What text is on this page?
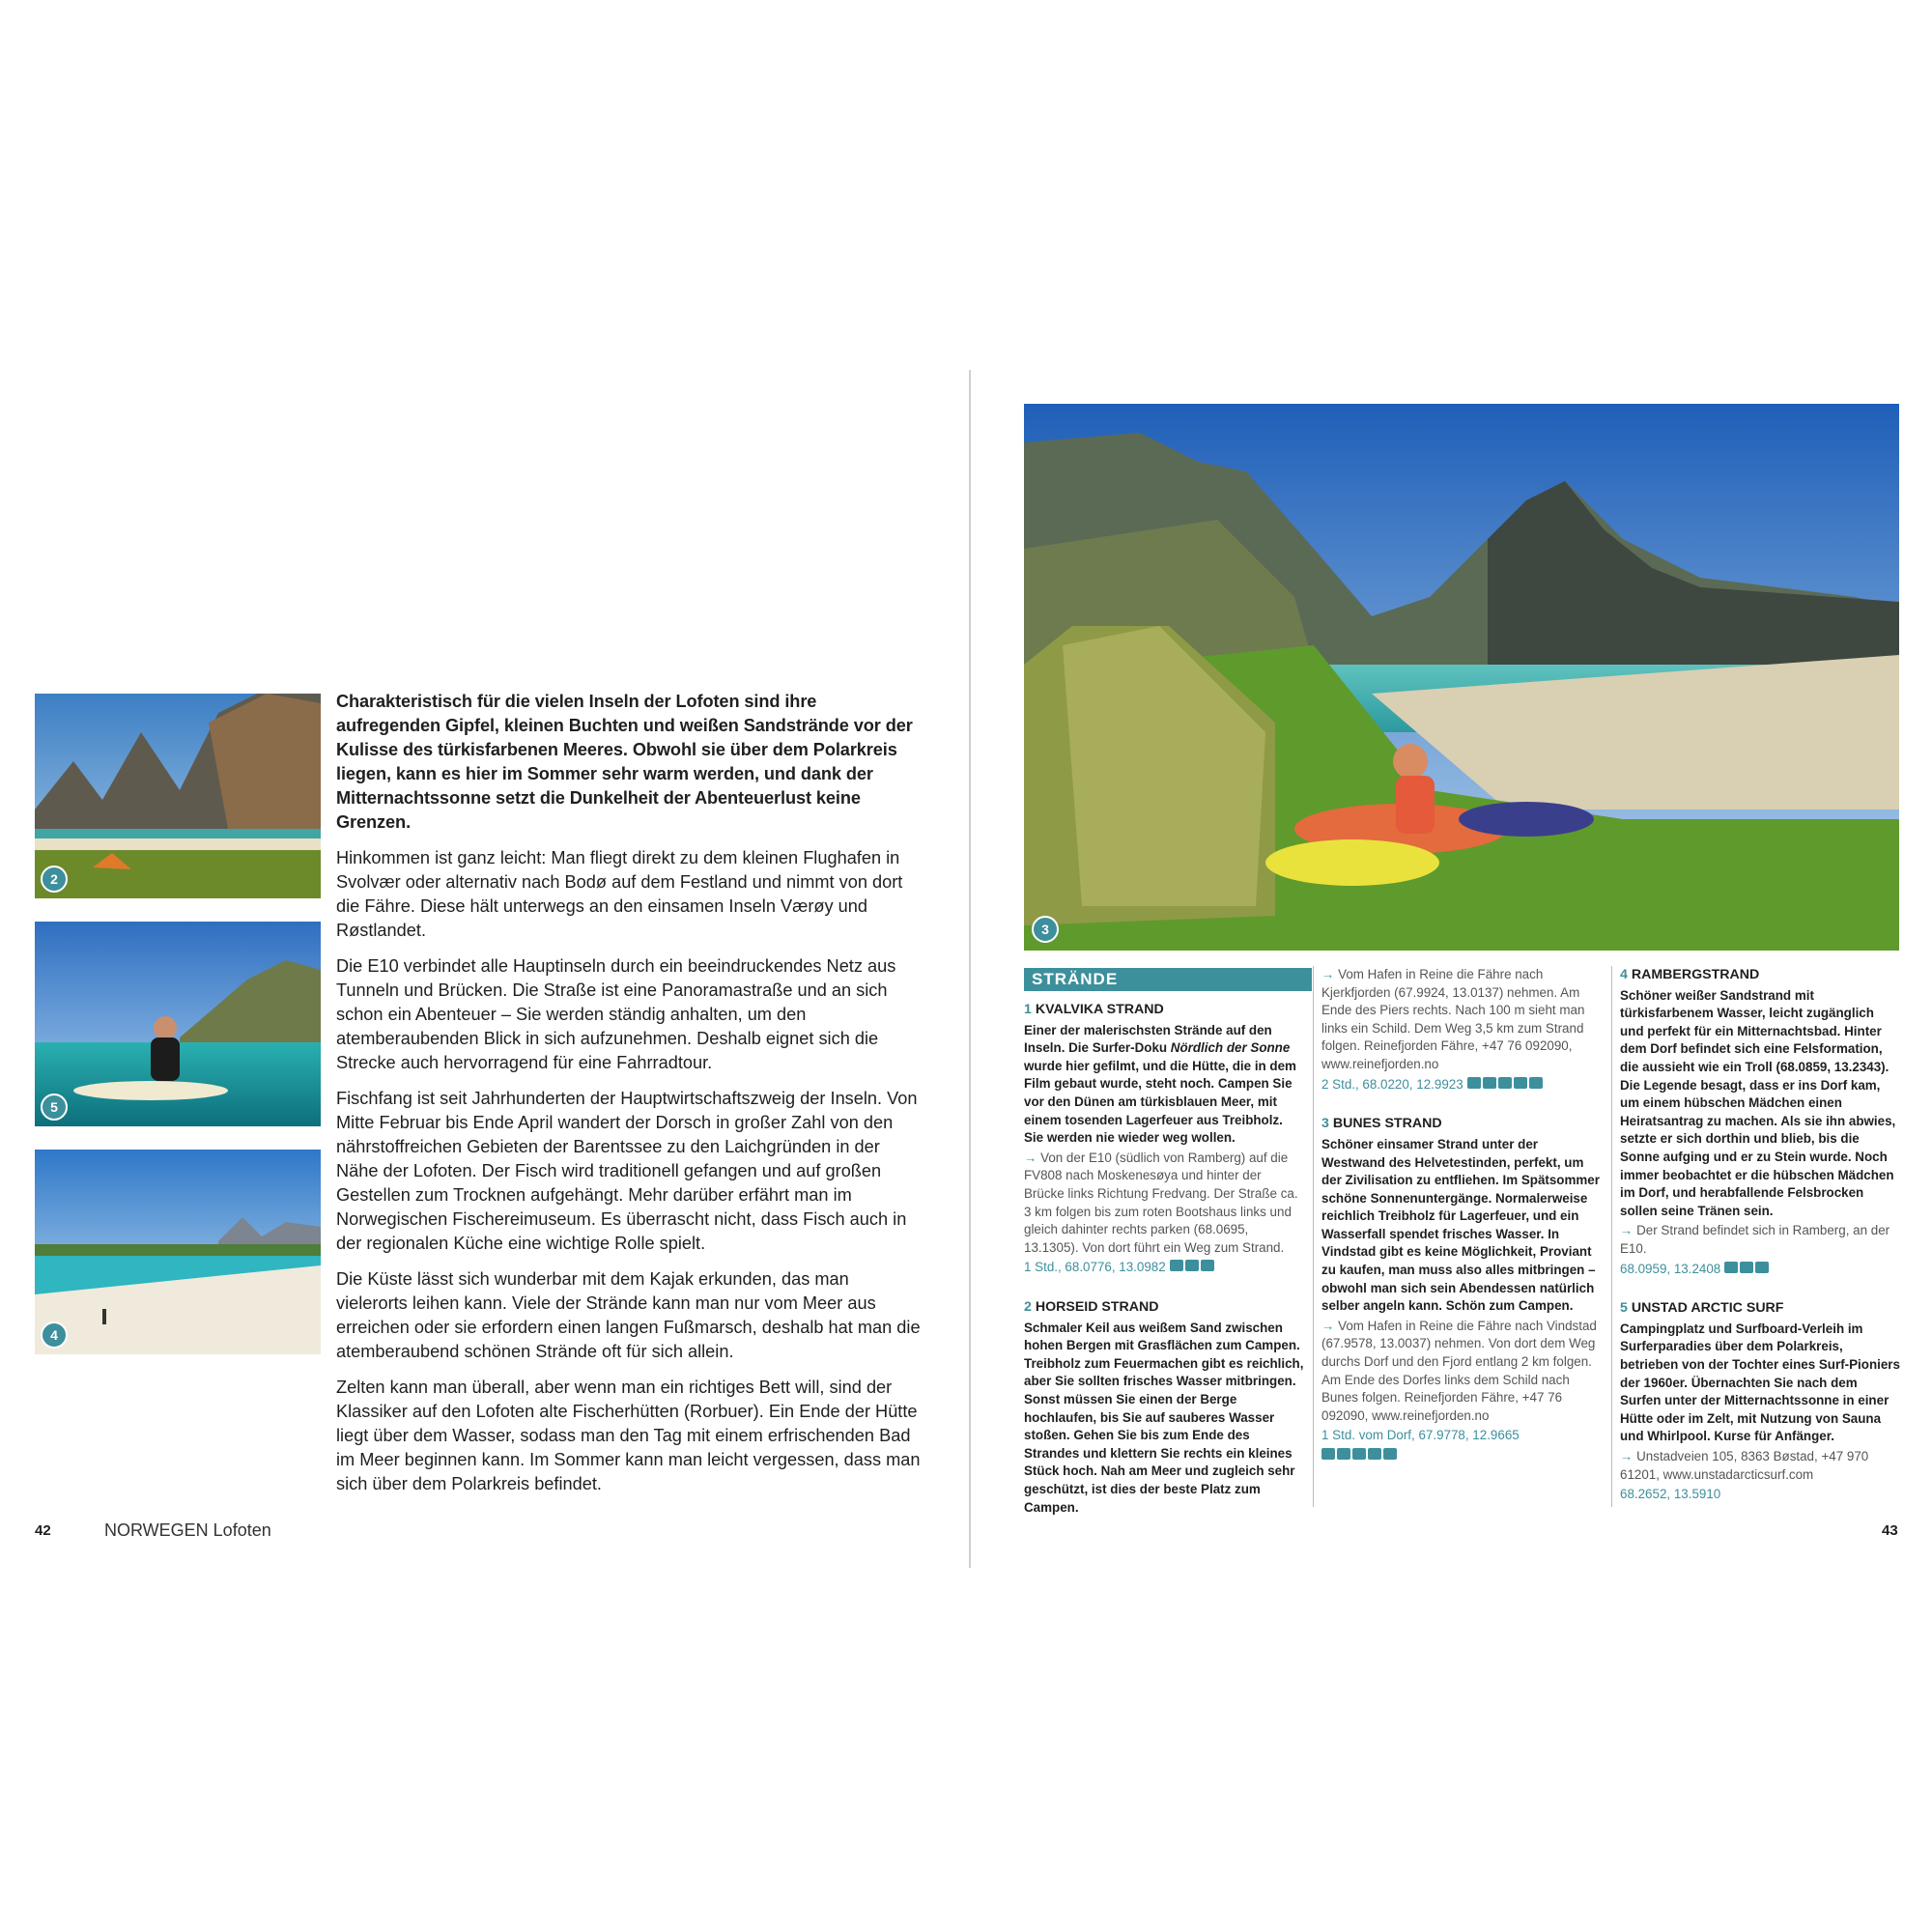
2
5
4

Charakteristisch für die vielen Inseln der Lofoten sind ihre aufregenden Gipfel, kleinen Buchten und weißen Sandstrände vor der Kulisse des türkisfarbenen Meeres. Obwohl sie über dem Polarkreis liegen, kann es hier im Sommer sehr warm werden, und dank der Mitternachtssonne setzt die Dunkelheit der Abenteuerlust keine Grenzen.

Hinkommen ist ganz leicht: Man fliegt direkt zu dem kleinen Flughafen in Svolvær oder alternativ nach Bodø auf dem Festland und nimmt von dort die Fähre. Diese hält unterwegs an den einsamen Inseln Værøy und Røstlandet.

Die E10 verbindet alle Hauptinseln durch ein beeindruckendes Netz aus Tunneln und Brücken. Die Straße ist eine Panoramastraße und an sich schon ein Abenteuer – Sie werden ständig anhalten, um den atemberaubenden Blick in sich aufzunehmen. Deshalb eignet sich die Strecke auch hervorragend für eine Fahrradtour.

Fischfang ist seit Jahrhunderten der Hauptwirtschaftszweig der Inseln. Von Mitte Februar bis Ende April wandert der Dorsch in großer Zahl von den nährstoffreichen Gebieten der Barentssee zu den Laichgründen in der Nähe der Lofoten. Der Fisch wird traditionell gefangen und auf großen Gestellen zum Trocknen aufgehängt. Mehr darüber erfährt man im Norwegischen Fischereimuseum. Es überrascht nicht, dass Fisch auch in der regionalen Küche eine wichtige Rolle spielt.

Die Küste lässt sich wunderbar mit dem Kajak erkunden, das man vielerorts leihen kann. Viele der Strände kann man nur vom Meer aus erreichen oder sie erfordern einen langen Fußmarsch, deshalb hat man die atemberaubend schönen Strände oft für sich allein.

Zelten kann man überall, aber wenn man ein richtiges Bett will, sind der Klassiker auf den Lofoten alte Fischerhütten (Rorbuer). Ein Ende der Hütte liegt über dem Wasser, sodass man den Tag mit einem erfrischenden Bad im Meer beginnen kann. Im Sommer kann man leicht vergessen, dass man sich über dem Polarkreis befindet.

42	NORWEGEN Lofoten
3
STRÄNDE
1 KVALVIKA STRAND

Einer der malerischsten Strände auf den Inseln. Die Surfer-Doku Nördlich der Sonne wurde hier gefilmt, und die Hütte, die in dem Film gebaut wurde, steht noch. Campen Sie vor den Dünen am türkisblauen Meer, mit einem tosenden Lagerfeuer aus Treibholz. Sie werden nie wieder weg wollen.

→ Von der E10 (südlich von Ramberg) auf die FV808 nach Moskenesøya und hinter der Brücke links Richtung Fredvang. Der Straße ca. 3 km folgen bis zum roten Bootshaus links und gleich dahinter rechts parken (68.0695, 13.1305). Von dort führt ein Weg zum Strand.

1 Std., 68.0776, 13.0982

2 HORSEID STRAND

Schmaler Keil aus weißem Sand zwischen hohen Bergen mit Grasflächen zum Campen. Treibholz zum Feuermachen gibt es reichlich, aber Sie sollten frisches Wasser mitbringen. Sonst müssen Sie einen der Berge hochlaufen, bis Sie auf sauberes Wasser stoßen. Gehen Sie bis zum Ende des Strandes und klettern Sie rechts ein kleines Stück hoch. Nah am Meer und zugleich sehr geschützt, ist dies der beste Platz zum Campen.

→ Vom Hafen in Reine die Fähre nach Kjerkfjorden (67.9924, 13.0137) nehmen. Am Ende des Piers rechts. Nach 100 m sieht man links ein Schild. Dem Weg 3,5 km zum Strand folgen. Reinefjorden Fähre, +47 76 092090, www.reinefjorden.no

2 Std., 68.0220, 12.9923

3 BUNES STRAND

Schöner einsamer Strand unter der Westwand des Helvetestinden, perfekt, um der Zivilisation zu entfliehen. Im Spätsommer schöne Sonnenuntergänge. Normalerweise reichlich Treibholz für Lagerfeuer, und ein Wasserfall spendet frisches Wasser. In Vindstad gibt es keine Möglichkeit, Proviant zu kaufen, man muss also alles mitbringen – obwohl man sich sein Abendessen natürlich selber angeln kann. Schön zum Campen.

→ Vom Hafen in Reine die Fähre nach Vindstad (67.9578, 13.0037) nehmen. Von dort dem Weg durchs Dorf und den Fjord entlang 2 km folgen. Am Ende des Dorfes links dem Schild nach Bunes folgen. Reinefjorden Fähre, +47 76 092090, www.reinefjorden.no

1 Std. vom Dorf, 67.9778, 12.9665

4 RAMBERGSTRAND

Schöner weißer Sandstrand mit türkisfarbenem Wasser, leicht zugänglich und perfekt für ein Mitternachtsbad. Hinter dem Dorf befindet sich eine Felsformation, die aussieht wie ein Troll (68.0859, 13.2343). Die Legende besagt, dass er ins Dorf kam, um einem hübschen Mädchen einen Heiratsantrag zu machen. Als sie ihn abwies, setzte er sich dorthin und blieb, bis die Sonne aufging und er zu Stein wurde. Noch immer beobachtet er die hübschen Mädchen im Dorf, und herabfallende Felsbrocken sollen seine Tränen sein.

→ Der Strand befindet sich in Ramberg, an der E10.

68.0959, 13.2408

5 UNSTAD ARCTIC SURF

Campingplatz und Surfboard-Verleih im Surferparadies über dem Polarkreis, betrieben von der Tochter eines Surf-Pioniers der 1960er. Übernachten Sie nach dem Surfen unter der Mitternachtssonne in einer Hütte oder im Zelt, mit Nutzung von Sauna und Whirlpool. Kurse für Anfänger.

→ Unstadveien 105, 8363 Bøstad, +47 970 61201, www.unstadarcticsurf.com

68.2652, 13.5910

43
